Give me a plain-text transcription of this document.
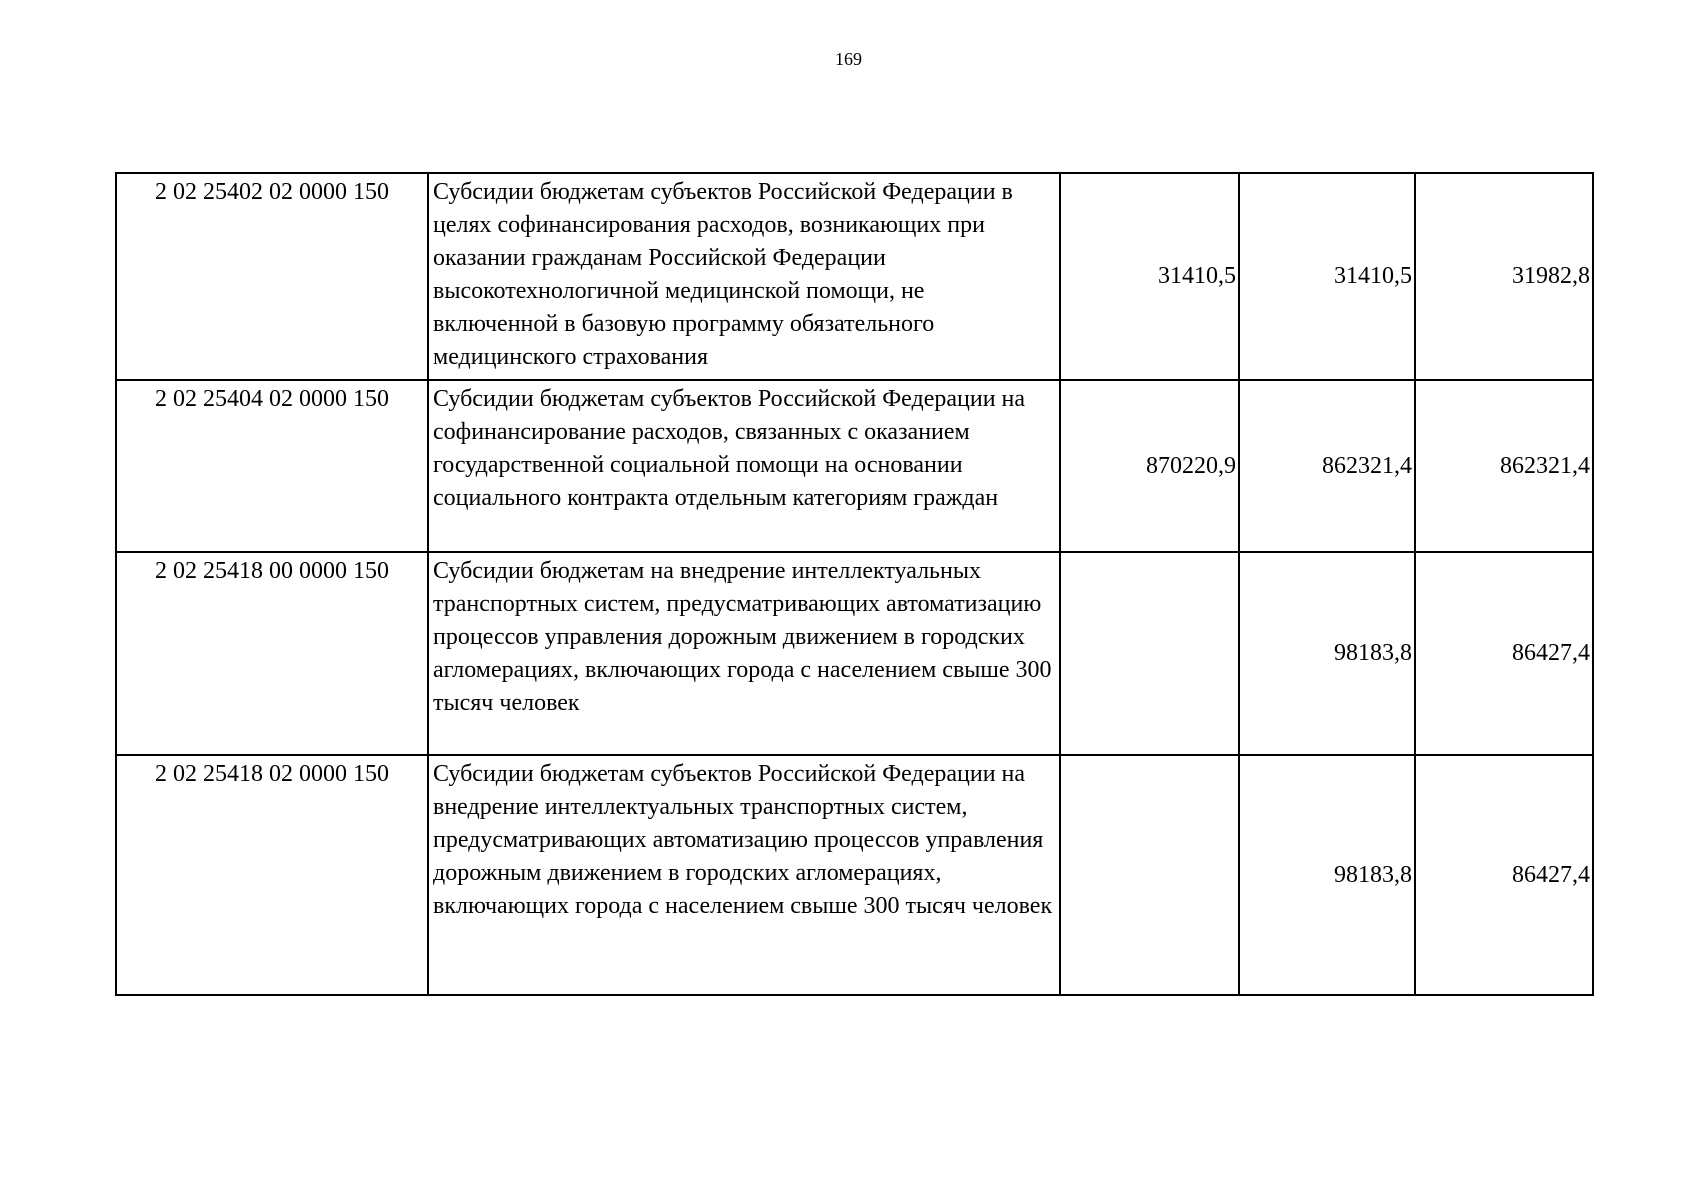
169
2 02 25402 02 0000 150	Субсидии бюджетам субъектов Российской Федерации в целях софинансирования расходов, возникающих при оказании гражданам Российской Федерации высокотехнологичной медицинской помощи, не включенной в базовую программу обязательного медицинского страхования	31410,5	31410,5	31982,8
2 02 25404 02 0000 150	Субсидии бюджетам субъектов Российской Федерации на софинансирование расходов, связанных с оказанием государственной социальной помощи на основании социального контракта отдельным категориям граждан	870220,9	862321,4	862321,4
2 02 25418 00 0000 150	Субсидии бюджетам на внедрение интеллектуальных транспортных систем, предусматривающих автоматизацию процессов управления дорожным движением в городских агломерациях, включающих города с населением свыше 300 тысяч человек		98183,8	86427,4
2 02 25418 02 0000 150	Субсидии бюджетам субъектов Российской Федерации на внедрение интеллектуальных транспортных систем, предусматривающих автоматизацию процессов управления дорожным движением в городских агломерациях, включающих города с населением свыше 300 тысяч человек		98183,8	86427,4
